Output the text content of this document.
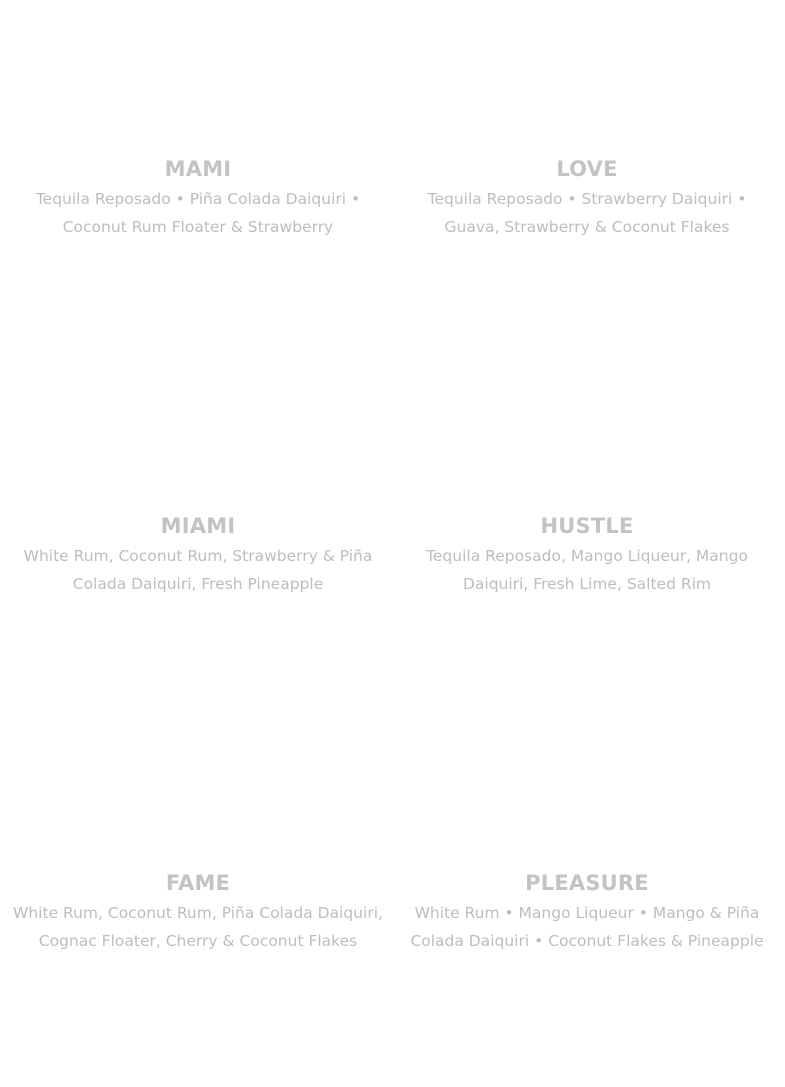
MAMI

Tequila Reposado • Piña Colada Daiquiri • Coconut Rum Floater & Strawberry

LOVE

Tequila Reposado • Strawberry Daiquiri • Guava, Strawberry & Coconut Flakes

MIAMI

White Rum, Coconut Rum, Strawberry & Piña Colada Daiquiri, Fresh Pineapple

HUSTLE

Tequila Reposado, Mango Liqueur, Mango Daiquiri, Fresh Lime, Salted Rim

FAME

White Rum, Coconut Rum, Piña Colada Daiquiri, Cognac Floater, Cherry & Coconut Flakes

PLEASURE

White Rum • Mango Liqueur • Mango & Piña Colada Daiquiri • Coconut Flakes & Pineapple
